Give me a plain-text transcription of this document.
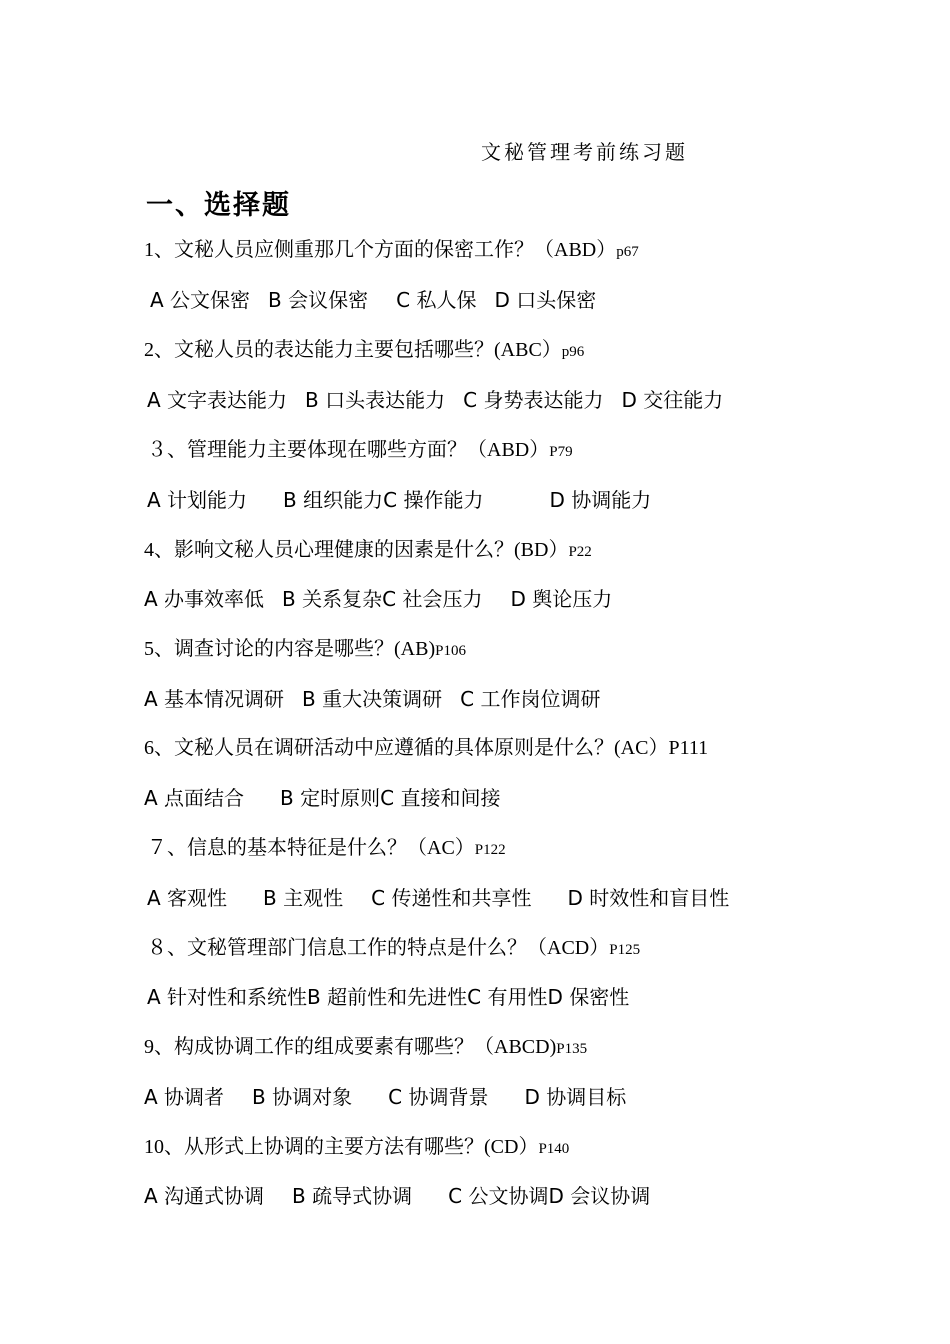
文秘管理考前练习题
一、选择题
1、文秘人员应侧重那几个方面的保密工作？（ABD）p67
A 公文保密 B 会议保密 C 私人保 D 口头保密
2、文秘人员的表达能力主要包括哪些？(ABC）p96
A 文字表达能力 B 口头表达能力 C 身势表达能力 D 交往能力
３、管理能力主要体现在哪些方面？（ABD）P79
A 计划能力 B 组织能力C 操作能力	D 协调能力
4、影响文秘人员心理健康的因素是什么？(BD）P22
A 办事效率低 B 关系复杂C 社会压力 D 舆论压力
5、调查讨论的内容是哪些？(AB)P106
A 基本情况调研 B 重大决策调研 C 工作岗位调研
6、文秘人员在调研活动中应遵循的具体原则是什么？(AC）P111
A 点面结合 B 定时原则C 直接和间接
７、信息的基本特征是什么？（AC）P122
A 客观性 B 主观性 C 传递性和共享性 D 时效性和盲目性
８、文秘管理部门信息工作的特点是什么？（ACD）P125
A 针对性和系统性B 超前性和先进性C 有用性D 保密性
9、构成协调工作的组成要素有哪些？（ABCD)P135
A 协调者 B 协调对象 C 协调背景 D 协调目标
10、从形式上协调的主要方法有哪些？(CD）P140
A 沟通式协调 B 疏导式协调 C 公文协调D 会议协调
